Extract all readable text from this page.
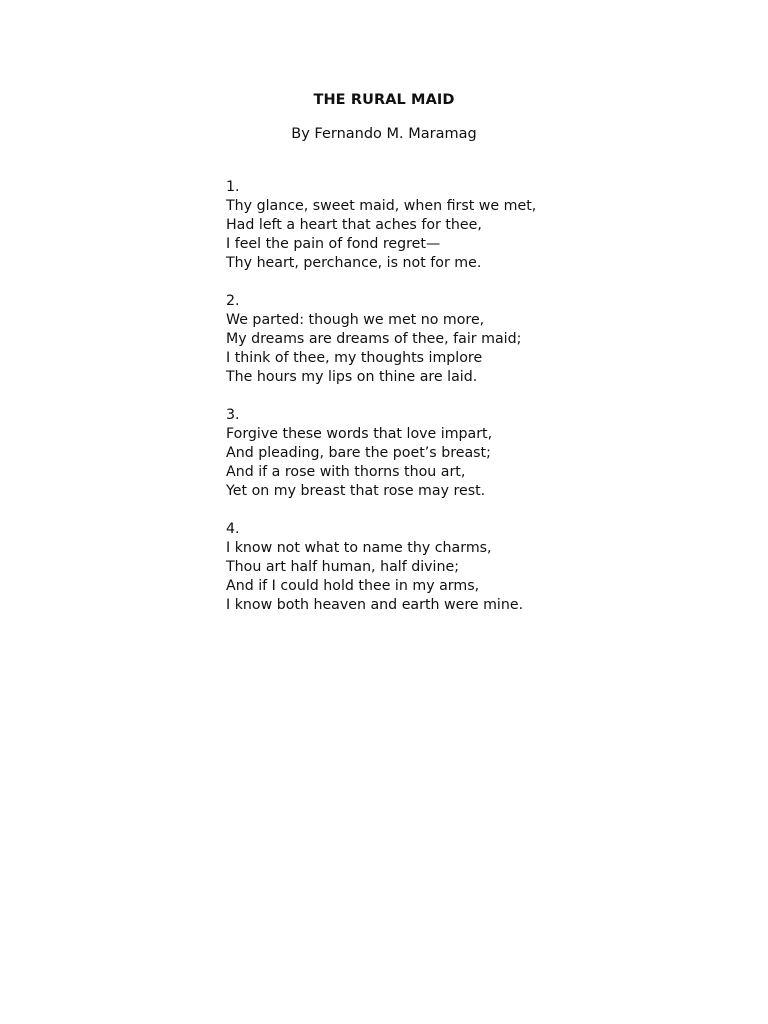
THE RURAL MAID

By Fernando M. Maramag

1.
Thy glance, sweet maid, when first we met,
Had left a heart that aches for thee,
I feel the pain of fond regret—
Thy heart, perchance, is not for me.
2.
We parted: though we met no more,
My dreams are dreams of thee, fair maid;
I think of thee, my thoughts implore
The hours my lips on thine are laid.
3.
Forgive these words that love impart,
And pleading, bare the poet’s breast;
And if a rose with thorns thou art,
Yet on my breast that rose may rest.
4.
I know not what to name thy charms,
Thou art half human, half divine;
And if I could hold thee in my arms,
I know both heaven and earth were mine.
